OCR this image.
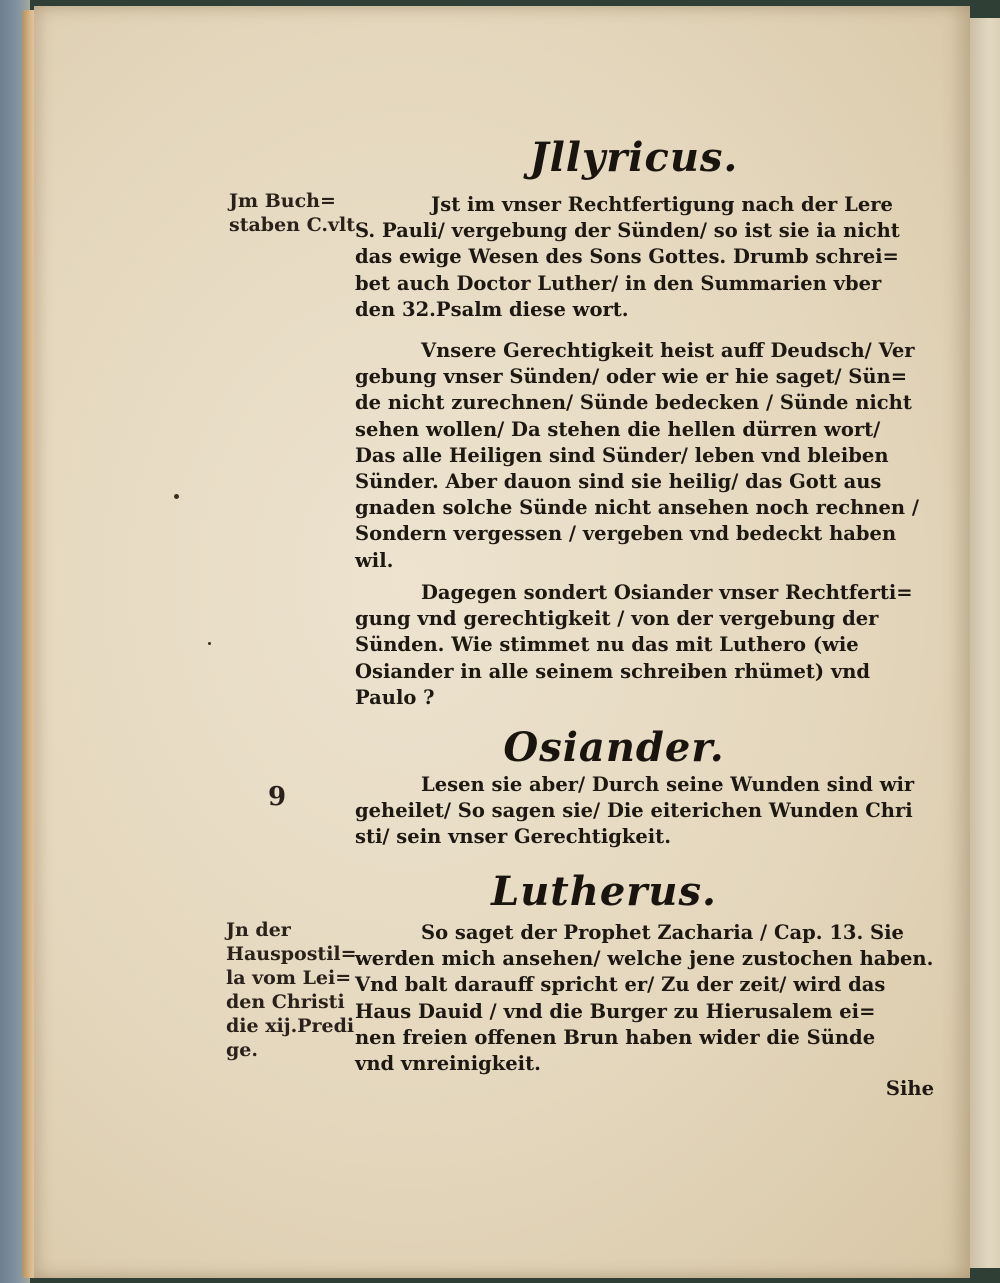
Jllyricus.
Jm Buch=
staben C.vlt
Jst im vnser Rechtfertigung nach der Lere
S. Pauli/ vergebung der Sünden/ so ist sie ia nicht
das ewige Wesen des Sons Gottes. Drumb schrei=
bet auch Doctor Luther/ in den Summarien vber
den 32.Psalm diese wort.
Vnsere Gerechtigkeit heist auff Deudsch/ Ver
gebung vnser Sünden/ oder wie er hie saget/ Sün=
de nicht zurechnen/ Sünde bedecken / Sünde nicht
sehen wollen/ Da stehen die hellen dürren wort/
Das alle Heiligen sind Sünder/ leben vnd bleiben
Sünder. Aber dauon sind sie heilig/ das Gott aus
gnaden solche Sünde nicht ansehen noch rechnen /
Sondern vergessen / vergeben vnd bedeckt haben
wil.
Dagegen sondert Osiander vnser Rechtferti=
gung vnd gerechtigkeit / von der vergebung der
Sünden. Wie stimmet nu das mit Luthero (wie
Osiander in alle seinem schreiben rhümet) vnd
Paulo ?
Osiander.
9	Lesen sie aber/ Durch seine Wunden sind wir
geheilet/ So sagen sie/ Die eiterichen Wunden Chri
sti/ sein vnser Gerechtigkeit.
Lutherus.
Jn der
Hauspostil=
la vom Lei=
den Christi
die xij.Predi
ge.
So saget der Prophet Zacharia / Cap. 13. Sie
werden mich ansehen/ welche jene zustochen haben.
Vnd balt darauff spricht er/ Zu der zeit/ wird das
Haus Dauid / vnd die Burger zu Hierusalem ei=
nen freien offenen Brun haben wider die Sünde
vnd vnreinigkeit.
Sihe
